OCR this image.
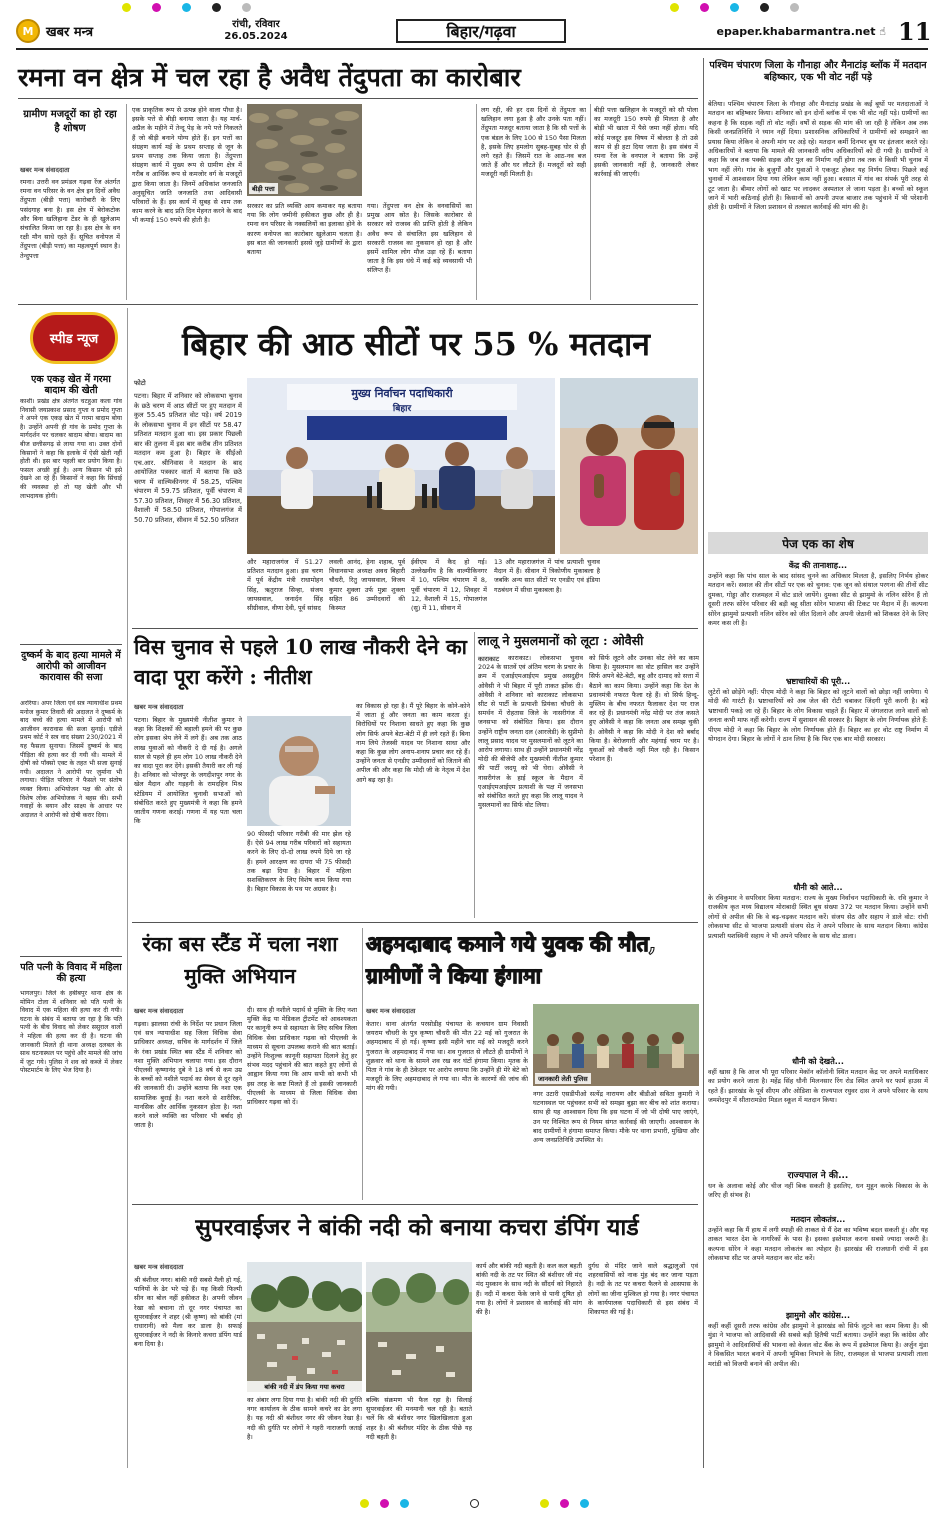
M खबर मन्त्र
रांची, रविवार
26.05.2024	बिहार/गढ़वा	epaper.khabarmantra.net ☝ 11
रमना वन क्षेत्र में चल रहा है अवैध तेंदुपता का कारोबार
ग्रामीण मजदूरों का हो रहा है शोषण
खबर मन्त्र संवाददाता
रमना। उत्तरी वन प्रमंडल गढ़वा रेंज अंतर्गत रमना वन परिसर के वन क्षेत्र इन दिनों अवैध तेंदुपता (बीड़ी पत्ता) कारोबारी के लिए पसंदगाह बना है। इस क्षेत्र में बेरोकटोक और बिना खलिहाना टेंडर के ही खुलेआम संचालित किया जा रहा है। इस क्षेत्र के वन रक्षी मौन साधे रहते हैं। सूचित वनोपज में तेंदुपत्ता (बीड़ी पत्ता) का महत्वपूर्ण स्थान है। तेन्दुपत्ता
एक प्राकृतिक रूप से उत्पन्न होने वाला पौधा है। इसके पत्ते से बीड़ी बनाया जाता है। यह मार्च-अप्रैल के महीने में तेन्दू पेड़ के नये पत्ते निकलते हैं जो बीड़ी बनाने योग्य होते हैं। इन पत्तों का संग्रहण कार्य मई के प्रथम सप्ताह से जून के प्रथम सप्ताह तक किया जाता है। तेंदुपत्ता संग्रहण कार्य में मुख्य रूप से ग्रामीण क्षेत्र में गरीब व आर्थिक रूप से कमजोर वर्ग के मजदूरों द्वारा किया जाता है। जिनमें अधिकांश जनजाति अनुसूचित जाति जनजाति तथा आदिवासी परिवारों के हैं। इस कार्य में सुबह से शाम तक काम करने के बाद प्रति दिन मेहनत करने के बाद भी कमाई 150 रुपये की होती है।
बीड़ी पत्ता
सरकार का प्रति व्यक्ति आय कमाकर यह बताया गया कि लोग जमीनी हकीकत कुछ और ही है। रमना वन परिसर के नक्सलियों का इलाका होने के कारण वनोपज का कारोबार खुलेआम चलता है। इस बात की जानकारी इससे जुड़े ग्रामीणों के द्वारा बताया
गया। तेंदुपत्ता वन क्षेत्र के वनवासियों का प्रमुख आय स्रोत है। जिसके कारोबार से सरकार को राजस्व की प्राप्ति होती है लेकिन अवैध रूप से संचालित इस खलिहान से सरकारी राजस्व का नुकसान हो रहा है और इसमें शामिल लोग मौज उड़ा रहे हैं। बताया जाता है कि इस धंधे में कई बड़े व्यवसायी भी संलिप्त हैं।
लग रही, की हर दस दिनों से तेंदुपता का खलिहान लगा हुआ है और उनके पता नहीं। तेंदुपता मजदूर बताया जाता है कि सौ पत्तों के एक बंडल के लिए 100 से 150 पैसा मिलता है, इसके लिए हमलोग सुबह-सुबह घोर से ही लगे रहते हैं। जिसमें रात के आठ-नव बज जाते हैं और घर लौटते हैं। मजदूरों को सही मजदूरी नहीं मिलती है।
बीड़ी पत्ता खलिहान के मजदूरों को सौ पोला का मजदूरी 150 रुपये ही मिलता है और बोड़ी भी खाता में पैसे जमा नहीं होता। यदि कोई मजदूर इस विषय में बोलता है तो उसे काम से ही हटा दिया जाता है। इस संबंध में रमना रेंज के वनपाल ने बताया कि उन्हें इसकी जानकारी नहीं है, जानकारी लेकर कार्रवाई की जाएगी।
पश्चिम चंपारण जिला के गौनाहा और मैनाटांड़ ब्लॉक में मतदान बहिष्कार, एक भी वोट नहीं पड़े
बेतिया। पश्चिम चंपारण जिला के गौनाहा और मैनाटांड़ प्रखंड के कई बूथों पर मतदाताओं ने मतदान का बहिष्कार किया। शनिवार को इन दोनों ब्लॉक में एक भी वोट नहीं पड़े। ग्रामीणों का कहना है कि सड़क नहीं तो वोट नहीं। वर्षों से सड़क की मांग की जा रही है लेकिन अब तक किसी जनप्रतिनिधि ने ध्यान नहीं दिया। प्रशासनिक अधिकारियों ने ग्रामीणों को समझाने का प्रयास किया लेकिन वे अपनी मांग पर अड़े रहे। मतदान कर्मी दिनभर बूथ पर इंतजार करते रहे। अधिकारियों ने बताया कि मामले की जानकारी वरीय अधिकारियों को दी गयी है। ग्रामीणों ने कहा कि जब तक पक्की सड़क और पुल का निर्माण नहीं होगा तब तक वे किसी भी चुनाव में भाग नहीं लेंगे। गांव के बुजुर्गों और युवाओं ने एकजुट होकर यह निर्णय लिया। पिछले कई चुनावों में आश्वासन दिया गया लेकिन काम नहीं हुआ। बरसात में गांव का संपर्क पूरी तरह से टूट जाता है। बीमार लोगों को खाट पर लादकर अस्पताल ले जाना पड़ता है। बच्चों को स्कूल जाने में भारी कठिनाई होती है। किसानों को अपनी उपज बाजार तक पहुंचाने में भी परेशानी होती है। ग्रामीणों ने जिला प्रशासन से तत्काल कार्रवाई की मांग की है।
स्पीड न्यूज
एक एकड़ खेत में गरमा बादाम की खेती
काशी। प्रखंड क्षेत्र अंतर्गत चटहुआ कला गांव निवासी जयप्रकाश प्रसाद गुप्ता व प्रमोद गुप्ता ने अपने एक एकड़ खेत में गरमा बादाम बोया है। उन्होंने अपनी ही गांव के प्रमोद गुप्ता के मार्गदर्शन पर चलकर बादाम बोया। बादाम का बीज छत्तीसगढ़ से लाया गया था। उक्त दोनों किसानों ने कहा कि इलाके में ऐसी खेती नहीं होती थी। इस बार पहली बार प्रयोग किया है। फसल अच्छी हुई है। अन्य किसान भी इसे देखने आ रहे हैं। किसानों ने कहा कि सिंचाई की व्यवस्था हो तो यह खेती और भी लाभदायक होगी।
दुष्कर्म के बाद हत्या मामले में आरोपी को आजीवन कारावास की सजा
अररिया। अपर जिला एवं सत्र न्यायाधीश प्रथम मनोज कुमार तिवारी की अदालत ने दुष्कर्म के बाद बच्चे की हत्या मामले में आरोपी को आजीवन कारावास की सजा सुनाई। एडीजे प्रथम कोर्ट ने सत्र वाद संख्या 230/2021 में यह फैसला सुनाया। जिसमें दुष्कर्म के बाद पीड़िता की हत्या कर दी गयी थी। मामले में दोषी को पॉक्सो एक्ट के तहत भी सजा सुनाई गयी। अदालत ने आरोपी पर जुर्माना भी लगाया। पीड़ित परिवार ने फैसले पर संतोष व्यक्त किया। अभियोजन पक्ष की ओर से विशेष लोक अभियोजक ने बहस की। सभी गवाहों के बयान और साक्ष्य के आधार पर अदालत ने आरोपी को दोषी करार दिया।
पति पत्नी के विवाद में महिला की हत्या
भागलपुर। जिले के हबीबपुर थाना क्षेत्र के मोमिन टोला में शनिवार को पति पत्नी के विवाद में एक महिला की हत्या कर दी गयी। घटना के संबंध में बताया जा रहा है कि पति पत्नी के बीच विवाद को लेकर ससुराल वालों ने महिला की हत्या कर दी है। घटना की जानकारी मिलते ही थाना अध्यक्ष दलबल के साथ घटनास्थल पर पहुंचे और मामले की जांच में जुट गये। पुलिस ने शव को कब्जे में लेकर पोस्टमार्टम के लिए भेज दिया है।
बिहार की आठ सीटों पर 55 % मतदान
फोटो
पटना। बिहार में शनिवार को लोकसभा चुनाव के छठे चरण में आठ सीटों पर हुए मतदान में कुल 55.45 प्रतिशत वोट पड़े। वर्ष 2019 के लोकसभा चुनाव में इन सीटों पर 58.47 प्रतिशत मतदान हुआ था। इस प्रकार पिछली बार की तुलना में इस बार करीब तीन प्रतिशत मतदान कम हुआ है। बिहार के सीईओ एच.आर. श्रीनिवास ने मतदान के बाद आयोजित पत्रकार वार्ता में बताया कि छठे चरण में वाल्मिकीनगर में 58.25, पश्चिम चंपारण में 59.75 प्रतिशत, पूर्वी चंपारण में 57.30 प्रतिशत, शिवहर में 56.30 प्रतिशत, वैशाली में 58.50 प्रतिशत, गोपालगंज में 50.70 प्रतिशत, सीवान में 52.50 प्रतिशत
मुख्य निर्वाचन पदाधिकारी
बिहार
और महाराजगंज में 51.27 प्रतिशत मतदान हुआ। इस चरण में पूर्व केंद्रीय मंत्री राधामोहन सिंह, ऋतुराज सिन्हा, संजय जायसवाल, जनार्दन सिंह सीग्रीवाल, वीणा देवी, पूर्व सांसद
लवली आनंद, हेना शहाब, पूर्व विधानसभा अध्यक्ष अवध बिहारी चौधरी, रितु जायसवाल, विजय कुमार शुक्ला उर्फ मुन्ना शुक्ला सहित 86 उम्मीदवारों की किस्मत
ईवीएम में कैद हो गई। उल्लेखनीय है कि वाल्मीकिनगर में 10, पश्चिम चंपारण में 8, पूर्वी चंपारण में 12, शिवहर में 12, वैशाली में 15, गोपालगंज (सु) में 11, सीवान में
13 और महाराजगंज में पांच प्रत्याशी चुनाव मैदान में हैं। सीवान में त्रिकोणीय मुकाबला है जबकि अन्य सात सीटों पर एनडीए एवं इंडिया गठबंधन में सीधा मुकाबला है।
विस चुनाव से पहले 10 लाख नौकरी देने का वादा पूरा करेंगे : नीतीश
खबर मन्त्र संवाददाता
पटना। बिहार के मुख्यमंत्री नीतीश कुमार ने कहा कि शिक्षकों की बहाली हमने की पर कुछ लोग इसका श्रेय लेने में लगे हैं। अब तक आठ लाख युवाओं को नौकरी दे दी गई है। अगले साल से पहले ही हम लोग 10 लाख नौकरी देने का वादा पूरा कर देंगे। इसकी तैयारी कर ली गई है। शनिवार को भोजपुर के जगदीशपुर नगर के खेल मैदान और गड़हनी के रामदहिन मिश्र स्टेडियम में आयोजित चुनावी सभाओं को संबोधित करते हुए मुख्यमंत्री ने कहा कि हमने जातीय गणना कराई। गणना में यह पता चला कि
90 फीसदी परिवार गरीबी की मार झेल रहे हैं। ऐसे 94 लाख गरीब परिवारों को सहायता करने के लिए दो-दो लाख रुपये दिये जा रहे हैं। हमने आरक्षण का दायरा भी 75 फीसदी तक बढ़ा दिया है। बिहार में महिला सशक्तिकरण के लिए विशेष काम किया गया है। बिहार विकास के पथ पर अग्रसर है।
का विकास हो रहा है। मैं पूरे बिहार के कोने-कोने में जाता हूं और जनता का काम करता हूं। विरोधियों पर निशाना साधते हुए कहा कि कुछ लोग सिर्फ अपने बेटा-बेटी में ही लगे रहते हैं। बिना नाम लिये तेजस्वी यादव पर निशाना साधा और कहा कि कुछ लोग अनाप-शनाप प्रचार कर रहे हैं। उन्होंने जनता से एनडीए उम्मीदवारों को जिताने की अपील की और कहा कि मोदी जी के नेतृत्व में देश आगे बढ़ रहा है।
लालू ने मुसलमानों को लूटा : ओवैसी
काराकाट	काराकाट। लोकसभा चुनाव 2024 के सातवें एवं अंतिम चरण के प्रचार के क्रम में एआईएमआईएम प्रमुख असदुद्दीन ओवैसी ने भी बिहार में पूरी ताकत झोंक दी। ओवैसी ने शनिवार को काराकाट लोकसभा सीट से पार्टी के प्रत्याशी प्रियंका चौधरी के समर्थन में रोहतास जिले के नासरीगंज में जनसभा को संबोधित किया। इस दौरान उन्होंने राष्ट्रीय जनता दल (आरजेडी) के सुप्रीमो लालू प्रसाद यादव पर मुसलमानों को लूटने का आरोप लगाया। साथ ही उन्होंने प्रधानमंत्री नरेंद्र मोदी की बीजेपी और मुख्यमंत्री नीतीश कुमार की पार्टी जदयू को भी घेरा। ओवैसी ने नासरीगंज के हाई स्कूल के मैदान में एआईएमआईएम प्रत्याशी के पक्ष में जनसभा को संबोधित करते हुए कहा कि लालू यादव ने मुसलमानों का सिर्फ वोट लिया।
को सिर्फ लूटने और उनका वोट लेने का काम किया है। मुसलमान का वोट हासिल कर उन्होंने सिर्फ अपने बेटे-बेटी, बहू और दामाद को सत्ता में बैठाने का काम किया। उन्होंने कहा कि देश के प्रधानमंत्री नफरत फैला रहे हैं। वो सिर्फ हिन्दू-मुस्लिम के बीच नफरत फैलाकर देश पर राज कर रहे हैं। प्रधानमंत्री नरेंद्र मोदी पर तंज कसते हुए ओवैसी ने कहा कि जनता अब समझ चुकी है। ओवैसी ने कहा कि मोदी ने देश को बर्बाद किया है। बेरोजगारी और महंगाई चरम पर है। युवाओं को नौकरी नहीं मिल रही है। किसान परेशान हैं।
रंका बस स्टैंड में चला नशा मुक्ति अभियान
खबर मन्त्र संवाददाता
गढ़वा। झालसा रांची के निर्देश पर प्रधान जिला एवं सत्र न्यायाधीश सह जिला विधिक सेवा प्राधिकार अध्यक्ष, सचिव के मार्गदर्शन में जिले के रंका प्रखंड स्थित बस स्टैंड में शनिवार को नशा मुक्ति अभियान चलाया गया। इस दौरान पीएलवी कृष्णानंद दुबे ने 18 वर्ष से कम उम्र के बच्चों को नशीले पदार्थ का सेवन से दूर रहने की जानकारी दी। उन्होंने बताया कि नशा एक सामाजिक बुराई है। नशा करने से शारीरिक, मानसिक और आर्थिक नुकसान होता है। नशा करने वाले व्यक्ति का परिवार भी बर्बाद हो जाता है।
दी। साथ ही नशीले पदार्थ से मुक्ति के लिए नशा मुक्ति केंद्र या मेडिकल ट्रीटमेंट को आवश्यकता पर कानूनी रूप से सहायता के लिए सचिव जिला विधिक सेवा प्राधिकार गढ़वा को पीएलवी के माध्यम से सूचना उपलब्ध कराने की बात बताई। उन्होंने निःशुल्क कानूनी सहायता दिलाने हेतु हर संभव मदद पहुंचाने की बात कहते हुए लोगों से आह्वान किया गया कि आप सभी को कभी भी इस तरह के कष्ट मिलते हैं तो इसकी जानकारी पीएलवी के माध्यम से जिला विधिक सेवा प्राधिकार गढ़वा को दें।
अहमदाबाद कमाने गये युवक की मौत, ग्रामीणों ने किया हंगामा
खबर मन्त्र संवाददाता
केतार। थाना अंतर्गत परसोडीह पंचायत के कचयान ग्राम निवासी जयराम चौधरी के पुत्र कृष्णा चौधरी की मौत 22 मई को गुजरात के अहमदाबाद में हो गई। कृष्णा इसी महीने चार मई को मजदूरी करने गुजरात के अहमदाबाद में गया था। शव गुजरात से लौटते ही ग्रामीणों ने शुक्रवार को थाना के सामने शव रख कर घंटों हंगामा किया। मृतक के पिता ने गांव के ही ठेकेदार पर आरोप लगाया कि उन्होंने ही मेरे बेटे को मजदूरी के लिए अहमदाबाद ले गया था। मौत के कारणों की जांच की मांग की गयी।
जानकारी लेती पुलिस
नगर उटारी एसडीपीओ सत्येंद्र नारायण और बीडीओ सविता कुमारी ने घटनास्थल पर पहुंचकर सभी को समझा बुझा कर बीच को शांत कराया। साथ ही यह आश्वासन दिया कि इस घटना में जो भी दोषी पाए जाएंगे, उन पर निश्चित रूप से नियम संगत कार्रवाई की जाएगी। आश्वासन के बाद ग्रामीणों ने हंगामा समाप्त किया। मौके पर थाना प्रभारी, मुखिया और अन्य जनप्रतिनिधि उपस्थित थे।
सुपरवाईजर ने बांकी नदी को बनाया कचरा डंपिंग यार्ड
खबर मन्त्र संवाददाता
श्री बंशीधर नगर। बांकी नदी सबसे मैली हो गई, पानियों के ढेर भरे पड़े हैं। यह किसी फिल्मी सीन का बोल नहीं हकीकत है। अपनी जीवन रेखा को बचाना तो दूर नगर पंचायत का सुपरवाईजर ने शहर (श्री कृष्ण) को बांकी (मां राधारानी) को मैला कर डाला है। सफाई सुपरवाईजर ने नदी के किनारे कचरा डंपिंग यार्ड बना दिया है।
बांकी नदी में डंप किया गया कचरा
का अंबार लगा दिया गया है। बांकी नदी की दुर्गति नगर कार्यालय के ठीक सामने कचरे का ढेर लगा है। यह नदी श्री बंशीधर नगर की जीवन रेखा है। नदी की दुर्गति पर लोगों ने गहरी नाराजगी जताई है।
बल्कि संक्रमण भी फैल रहा है। सिलाई सुपरवाईजर की मनमानी चल रही है। बताते चलें कि श्री बंशीधर नगर खिलखिलाता हुआ शहर है। श्री बंशीधर मंदिर के ठीक पीछे यह नदी बहती है।
कार्य और बांकी नदी बहती है। कल कल बहती बांकी नदी के तट पर स्थित श्री बंशीधर जी मंद मंद मुस्कान के साथ नदी के सौंदर्य को निहारते हैं। नदी में कचरा फेंके जाने से पानी दूषित हो गया है। लोगों ने प्रशासन से कार्रवाई की मांग की है।
दुर्गध से मंदिर जाने वाले श्रद्धालुओं एवं शहरवासियों को नाक मुंह बंद कर जाना पड़ता है। नदी के तट पर कचरा फैलने से आसपास के लोगों का जीना मुश्किल हो गया है। नगर पंचायत के कार्यपालक पदाधिकारी से इस संबंध में शिकायत की गई है।
पेज एक का शेष
केंद्र की तानाशाह...
उन्होंने कहा कि पांच साल के बाद सांसद चुनने का अधिकार मिलता है, इसलिए निर्भय होकर मतदान करें। सवाल की तीन सीटों पर एक को चुनाव: एक जून को संथाल परगना की तीनों सीट दुमका, गोड्डा और राजमहल में वोट डाले जायेंगे। दुमका सीट से झामुमो के नलिन सोरेन हैं तो दूसरी तरफ सोरेन परिवार की बड़ी बहू सीता सोरेन भाजपा की टिकट पर मैदान में हैं। कल्पना सोरेन झामुमो प्रत्याशी नलिन सोरेन को जीत दिलाने और अपनी जेठानी को शिकस्त देने के लिए कमर कस ली है।
भ्रष्टाचारियों की पूरी...
लुटेरों को छोड़ेंगे नहीं: पीएम मोदी ने कहा कि बिहार को लूटने वालों को छोड़ा नहीं जायेगा। ये मोदी की गारंटी है। भ्रष्टाचारियों को अब जेल की रोटी चबाकर जिंदगी पूरी करनी है। बड़े भ्रष्टाचारी पकड़े जा रहे हैं। बिहार के लोग विकास चाहते हैं। बिहार में जंगलराज लाने वालों को जनता कभी माफ नहीं करेगी। राज्य में सुशासन की सरकार है। बिहार के लोग निर्णायक होते हैं: पीएम मोदी ने कहा कि बिहार के लोग निर्णायक होते हैं। बिहार का हर वोट राष्ट्र निर्माण में योगदान देगा। बिहार के लोगों ने ठान लिया है कि फिर एक बार मोदी सरकार।
धौनी को आते...
के रविकुमार ने सपरिवार किया मतदान: राज्य के मुख्य निर्वाचन पदाधिकारी के. रवि कुमार ने राजकीय कृत मध्य विद्यालय मोराबादी स्थित बूथ संख्या 372 पर मतदान किया। उन्होंने सभी लोगों से अपील की कि वे बढ़-चढ़कर मतदान करें। संजय सेठ और सहाय ने डाले वोट: रांची लोकसभा सीट से भाजपा प्रत्याशी संजय सेठ ने अपने परिवार के साथ मतदान किया। कांग्रेस प्रत्याशी यशस्विनी सहाय ने भी अपने परिवार के साथ वोट डाला।
धौनी को देखते...
वहीं खास है कि आज भी पूरा परिवार मेकॉन कॉलोनी स्थित मतदान केंद्र पर अपने मताधिकार का प्रयोग करने जाता है। महेंद्र सिंह धौनी मिलनसार रिंग रोड स्थित अपने घर फार्म हाउस में रहते हैं। झारखंड के पूर्व सीएम और ओडिशा के राज्यपाल रघुवर दास ने अपने परिवार के साथ जमशेदपुर में सीतारामडेरा मिडल स्कूल में मतदान किया।
राज्यपाल ने की...
धन के अलावा कोई और चीज नहीं बिक सकती है इसलिए, धन मुहून करके विकास के के जरिए ही संभव है।
मतदान लोकतंत्र...
उन्होंने कहा कि मैं हाथ में लगी स्याही की ताकत से मैं देश का भविष्य बदल सकती हूं। और यह ताकत भारत देश के नागरिकों के पास है। इसका इस्तेमाल करना सबसे ज्यादा जरूरी है। कल्पना सोरेन ने कहा मतदान लोकतंत्र का त्योहार है। झारखंड की राजधानी रांची में इस लोकसभा सीट पर अपने मतदान कर वोट करें।
झामुमो और कांग्रेस...
कहीं कहीं दूसरी तरफ कांग्रेस और झामुमो ने झारखंड को सिर्फ लूटने का काम किया है। श्री मुंडा ने भाजपा को आदिवासी की सबसे बड़ी हितैषी पार्टी बताया। उन्होंने कहा कि कांग्रेस और झामुमो ने आदिवासियों की भावना को केवल वोट बैंक के रूप में इस्तेमाल किया है। अर्जुन मुंडा ने विकसित भारत बनाने में अपनी भूमिका निभाने के लिए, राजमहल से भाजपा प्रत्याशी ताला मरांडी को विजयी बनाने की अपील की।
